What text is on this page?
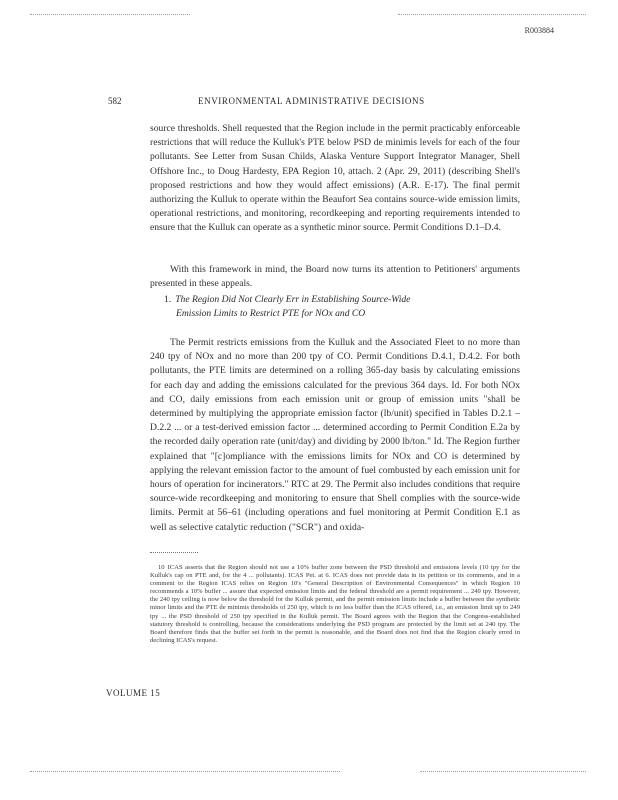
R003884
582	ENVIRONMENTAL ADMINISTRATIVE DECISIONS
source thresholds. Shell requested that the Region include in the permit practicably enforceable restrictions that will reduce the Kulluk's PTE below PSD de minimis levels for each of the four pollutants. See Letter from Susan Childs, Alaska Venture Support Integrator Manager, Shell Offshore Inc., to Doug Hardesty, EPA Region 10, attach. 2 (Apr. 29, 2011) (describing Shell's proposed restrictions and how they would affect emissions) (A.R. E-17). The final permit authorizing the Kulluk to operate within the Beaufort Sea contains source-wide emission limits, operational restrictions, and monitoring, recordkeeping and reporting requirements intended to ensure that the Kulluk can operate as a synthetic minor source. Permit Conditions D.1–D.4.
With this framework in mind, the Board now turns its attention to Petitioners' arguments presented in these appeals.
1. The Region Did Not Clearly Err in Establishing Source-Wide
Emission Limits to Restrict PTE for NOx and CO
The Permit restricts emissions from the Kulluk and the Associated Fleet to no more than 240 tpy of NOx and no more than 200 tpy of CO. Permit Conditions D.4.1, D.4.2. For both pollutants, the PTE limits are determined on a rolling 365-day basis by calculating emissions for each day and adding the emissions calculated for the previous 364 days. Id. For both NOx and CO, daily emissions from each emission unit or group of emission units "shall be determined by multiplying the appropriate emission factor (lb/unit) specified in Tables D.2.1 – D.2.2 ... or a test-derived emission factor ... determined according to Permit Condition E.2a by the recorded daily operation rate (unit/day) and dividing by 2000 lb/ton." Id. The Region further explained that "[c]ompliance with the emissions limits for NOx and CO is determined by applying the relevant emission factor to the amount of fuel combusted by each emission unit for hours of operation for incinerators." RTC at 29. The Permit also includes conditions that require source-wide recordkeeping and monitoring to ensure that Shell complies with the source-wide limits. Permit at 56–61 (including operations and fuel monitoring at Permit Condition E.1 as well as selective catalytic reduction ("SCR") and oxida-
10 ICAS asserts that the Region should not use a 10% buffer zone between the PSD threshold and emissions levels (10 tpy for the Kulluk's cap on PTE and, for the 4 ... pollutants). ICAS Pet. at 6. ICAS does not provide data in its petition or its comments, and in a comment to the Region ICAS relies on Region 10's "General Description of Environmental Consequences" in which Region 10 recommends a 10% buffer ... assure that expected emission limits and the federal threshold are a permit requirement ... 249 tpy. However, the 240 tpy ceiling is now below the threshold for the Kulluk permit, and the permit emission limits include a buffer between the synthetic minor limits and the PTE de minimis thresholds of 250 tpy, which is no less buffer than the ICAS offered, i.e., an emission limit up to 249 tpy ... the PSD threshold of 250 tpy specified in the Kulluk permit. The Board agrees with the Region that the Congress-established statutory threshold is controlling, because the considerations underlying the PSD program are protected by the limit set at 240 tpy. The Board therefore finds that the buffer set forth in the permit is reasonable, and the Board does not find that the Region clearly erred in declining ICAS's request.
VOLUME 15
